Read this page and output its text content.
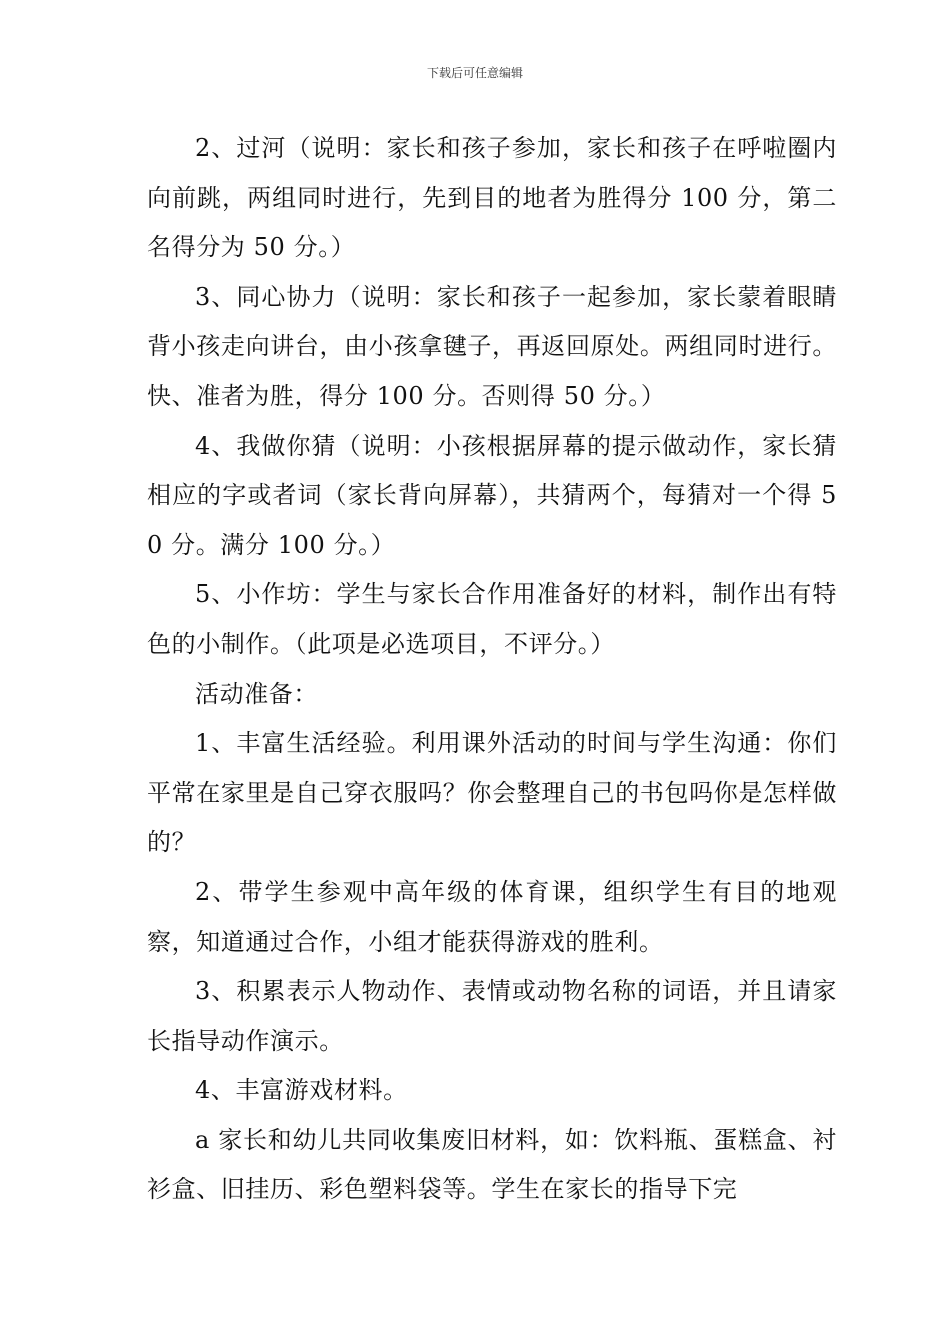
下载后可任意编辑

2、过河（说明：家长和孩子参加，家长和孩子在呼啦圈内向前跳，两组同时进行，先到目的地者为胜得分 100 分，第二名得分为 50 分。）

3、同心协力（说明：家长和孩子一起参加，家长蒙着眼睛背小孩走向讲台，由小孩拿毽子，再返回原处。两组同时进行。快、准者为胜，得分 100 分。否则得 50 分。）

4、我做你猜（说明：小孩根据屏幕的提示做动作，家长猜相应的字或者词（家长背向屏幕），共猜两个，每猜对一个得 50 分。满分 100 分。）

5、小作坊：学生与家长合作用准备好的材料，制作出有特色的小制作。（此项是必选项目，不评分。）

活动准备：

1、丰富生活经验。利用课外活动的时间与学生沟通：你们平常在家里是自己穿衣服吗？你会整理自己的书包吗你是怎样做的？

2、带学生参观中高年级的体育课，组织学生有目的地观察，知道通过合作，小组才能获得游戏的胜利。

3、积累表示人物动作、表情或动物名称的词语，并且请家长指导动作演示。

4、丰富游戏材料。

a 家长和幼儿共同收集废旧材料，如：饮料瓶、蛋糕盒、衬衫盒、旧挂历、彩色塑料袋等。学生在家长的指导下完
